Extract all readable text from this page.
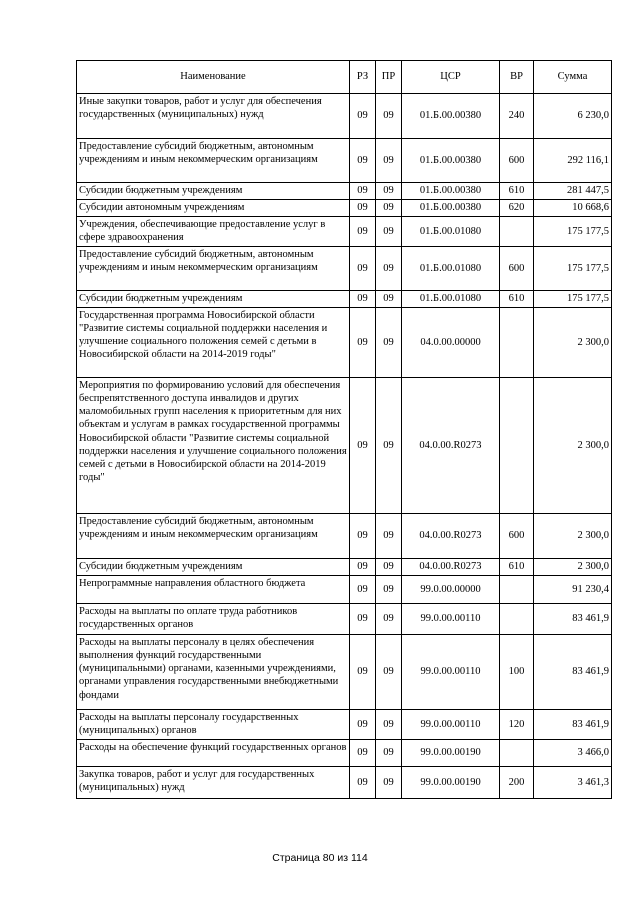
Наименование	РЗ	ПР	ЦСР	ВР	Сумма
Иные закупки товаров, работ и услуг для обеспечения государственных (муниципальных) нужд	09	09	01.Б.00.00380	240	6 230,0
Предоставление субсидий бюджетным, автономным учреждениям и иным некоммерческим организациям	09	09	01.Б.00.00380	600	292 116,1
Субсидии бюджетным учреждениям	09	09	01.Б.00.00380	610	281 447,5
Субсидии автономным учреждениям	09	09	01.Б.00.00380	620	10 668,6
Учреждения, обеспечивающие предоставление услуг в сфере здравоохранения	09	09	01.Б.00.01080		175 177,5
Предоставление субсидий бюджетным, автономным учреждениям и иным некоммерческим организациям	09	09	01.Б.00.01080	600	175 177,5
Субсидии бюджетным учреждениям	09	09	01.Б.00.01080	610	175 177,5
Государственная программа Новосибирской области "Развитие системы социальной поддержки населения и улучшение социального положения семей с детьми в Новосибирской области на 2014-2019 годы"	09	09	04.0.00.00000		2 300,0
Мероприятия по формированию условий для обеспечения беспрепятственного доступа инвалидов и других маломобильных групп населения к приоритетным для них объектам и услугам в рамках государственной программы Новосибирской области "Развитие системы социальной поддержки населения и улучшение социального положения семей с детьми в Новосибирской области на 2014-2019 годы"	09	09	04.0.00.R0273		2 300,0
Предоставление субсидий бюджетным, автономным учреждениям и иным некоммерческим организациям	09	09	04.0.00.R0273	600	2 300,0
Субсидии бюджетным учреждениям	09	09	04.0.00.R0273	610	2 300,0
Непрограммные направления областного бюджета	09	09	99.0.00.00000		91 230,4
Расходы на выплаты по оплате труда работников государственных органов	09	09	99.0.00.00110		83 461,9
Расходы на выплаты персоналу в целях обеспечения выполнения функций государственными (муниципальными) органами, казенными учреждениями, органами управления государственными внебюджетными фондами	09	09	99.0.00.00110	100	83 461,9
Расходы на выплаты персоналу государственных (муниципальных) органов	09	09	99.0.00.00110	120	83 461,9
Расходы на обеспечение функций государственных органов	09	09	99.0.00.00190		3 466,0
Закупка товаров, работ и услуг для государственных (муниципальных) нужд	09	09	99.0.00.00190	200	3 461,3
Страница 80 из 114
